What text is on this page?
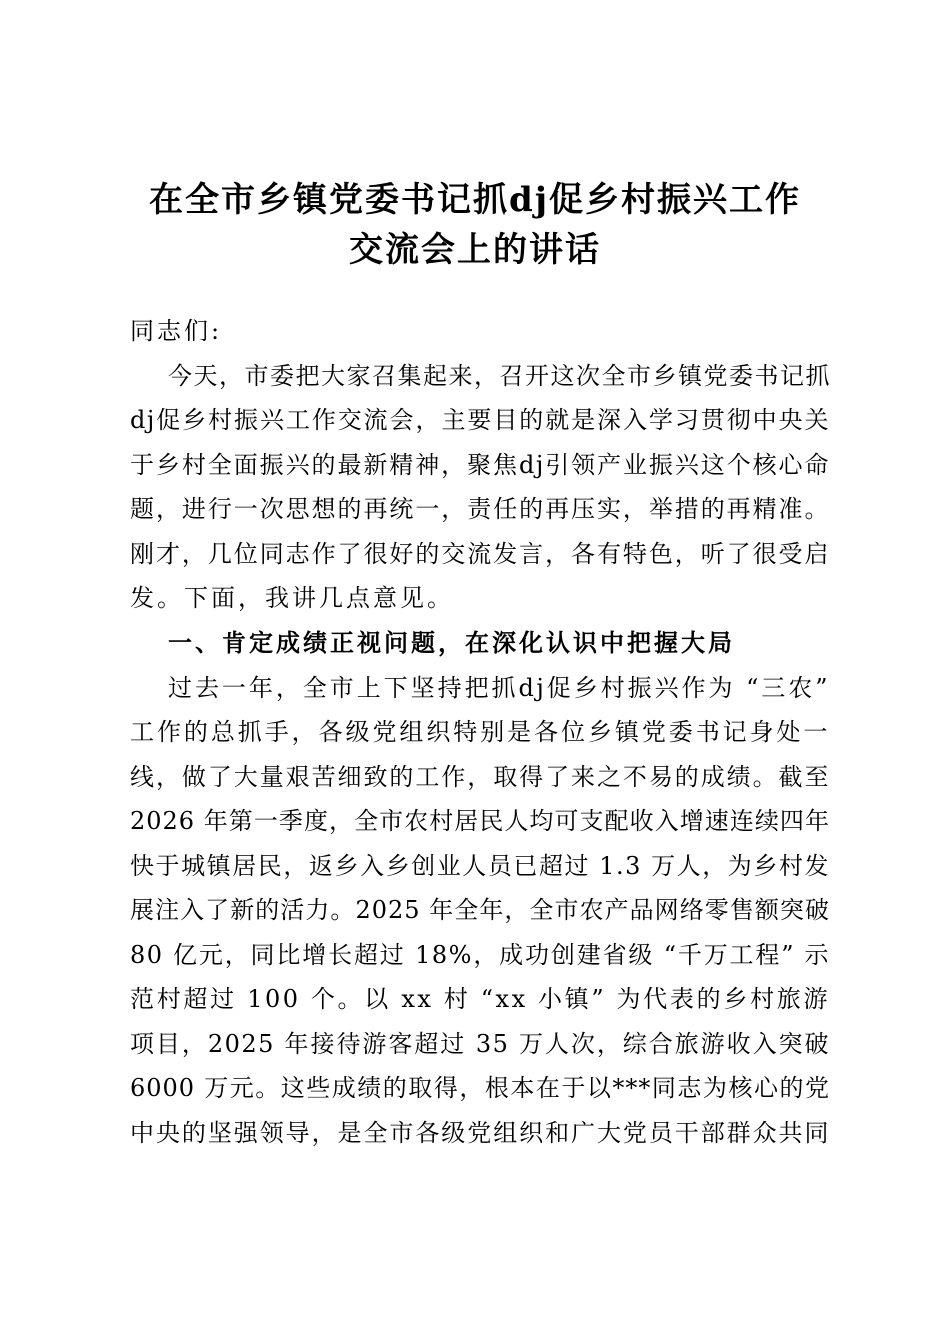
在全市乡镇党委书记抓dj促乡村振兴工作
交流会上的讲话
同志们:
今天，市委把大家召集起来，召开这次全市乡镇党委书记抓
dj促乡村振兴工作交流会，主要目的就是深入学习贯彻中央关
于乡村全面振兴的最新精神，聚焦dj引领产业振兴这个核心命
题，进行一次思想的再统一，责任的再压实，举措的再精准。
刚才，几位同志作了很好的交流发言，各有特色，听了很受启
发。下面，我讲几点意见。
一、肯定成绩正视问题，在深化认识中把握大局
过去一年，全市上下坚持把抓dj促乡村振兴作为 “三农”
工作的总抓手，各级党组织特别是各位乡镇党委书记身处一
线，做了大量艰苦细致的工作，取得了来之不易的成绩。截至
2026 年第一季度，全市农村居民人均可支配收入增速连续四年
快于城镇居民，返乡入乡创业人员已超过 1.3 万人，为乡村发
展注入了新的活力。2025 年全年，全市农产品网络零售额突破
80 亿元，同比增长超过 18%，成功创建省级 “千万工程” 示
范村超过 100 个。以 xx 村 “xx 小镇” 为代表的乡村旅游
项目，2025 年接待游客超过 35 万人次，综合旅游收入突破
6000 万元。这些成绩的取得，根本在于以***同志为核心的党
中央的坚强领导，是全市各级党组织和广大党员干部群众共同
